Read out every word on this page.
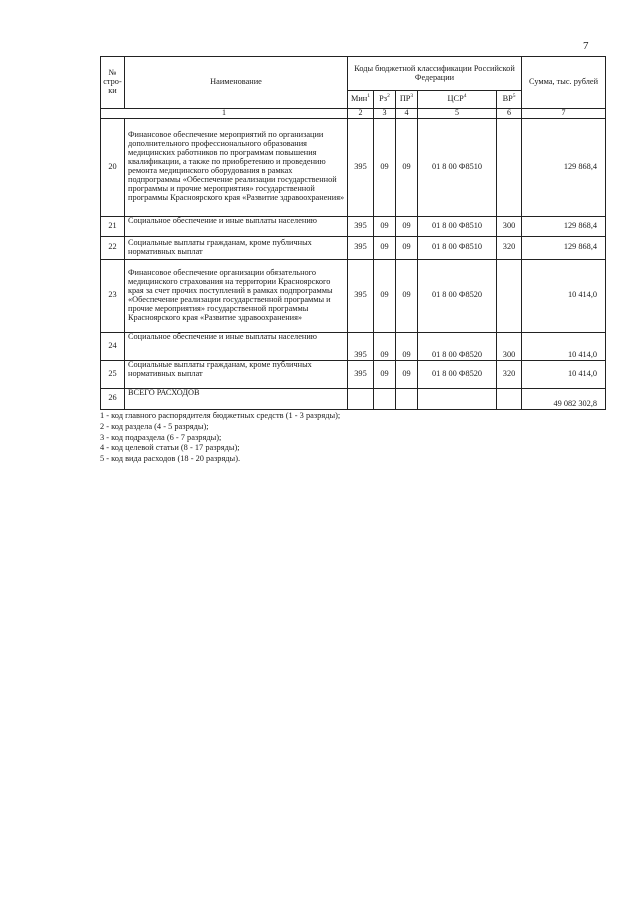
7
№ стро-ки	Наименование	Коды бюджетной классификации Российской Федерации					Сумма, тыс. рублей
		Мин$^1$	$Рз^2$	$ПР^3$	ЦСР$^4$	$ВР^5$
1		2	3	4	5	6	7
20	Финансовое обеспечение мероприятий по организации дополнительного профессионального образования медицинских работников по программам повышения квалификации, а также по приобретению и проведению ремонта медицинского оборудования в рамках подпрограммы «Обеспечение реализации государственной программы и прочие мероприятия» государственной программы Красноярского края «Развитие здравоохранения»	395	09	09	01 8 00 Ф8510		129 868,4
21	Социальное обеспечение и иные выплаты населению	395	09	09	01 8 00 Ф8510	300	129 868,4
22	Социальные выплаты гражданам, кроме публичных нормативных выплат	395	09	09	01 8 00 Ф8510	320	129 868,4
23	Финансовое обеспечение организации обязательного медицинского страхования на территории Красноярского края за счет прочих поступлений в рамках подпрограммы «Обеспечение реализации государственной программы и прочие мероприятия» государственной программы Красноярского края «Развитие здравоохранения»	395	09	09	01 8 00 Ф8520		10 414,0
24	Социальное обеспечение и иные выплаты населению	395	09	09	01 8 00 Ф8520	300	10 414,0
25	Социальные выплаты гражданам, кроме публичных нормативных выплат	395	09	09	01 8 00 Ф8520	320	10 414,0
26	ВСЕГО РАСХОДОВ						49 082 302,8
1 - код главного распорядителя бюджетных средств (1 - 3 разряды);
2 - код раздела (4 - 5 разряды);
3 - код подраздела (6 - 7 разряды);
4 - код целевой статьи (8 - 17 разряды);
5 - код вида расходов (18 - 20 разряды).
